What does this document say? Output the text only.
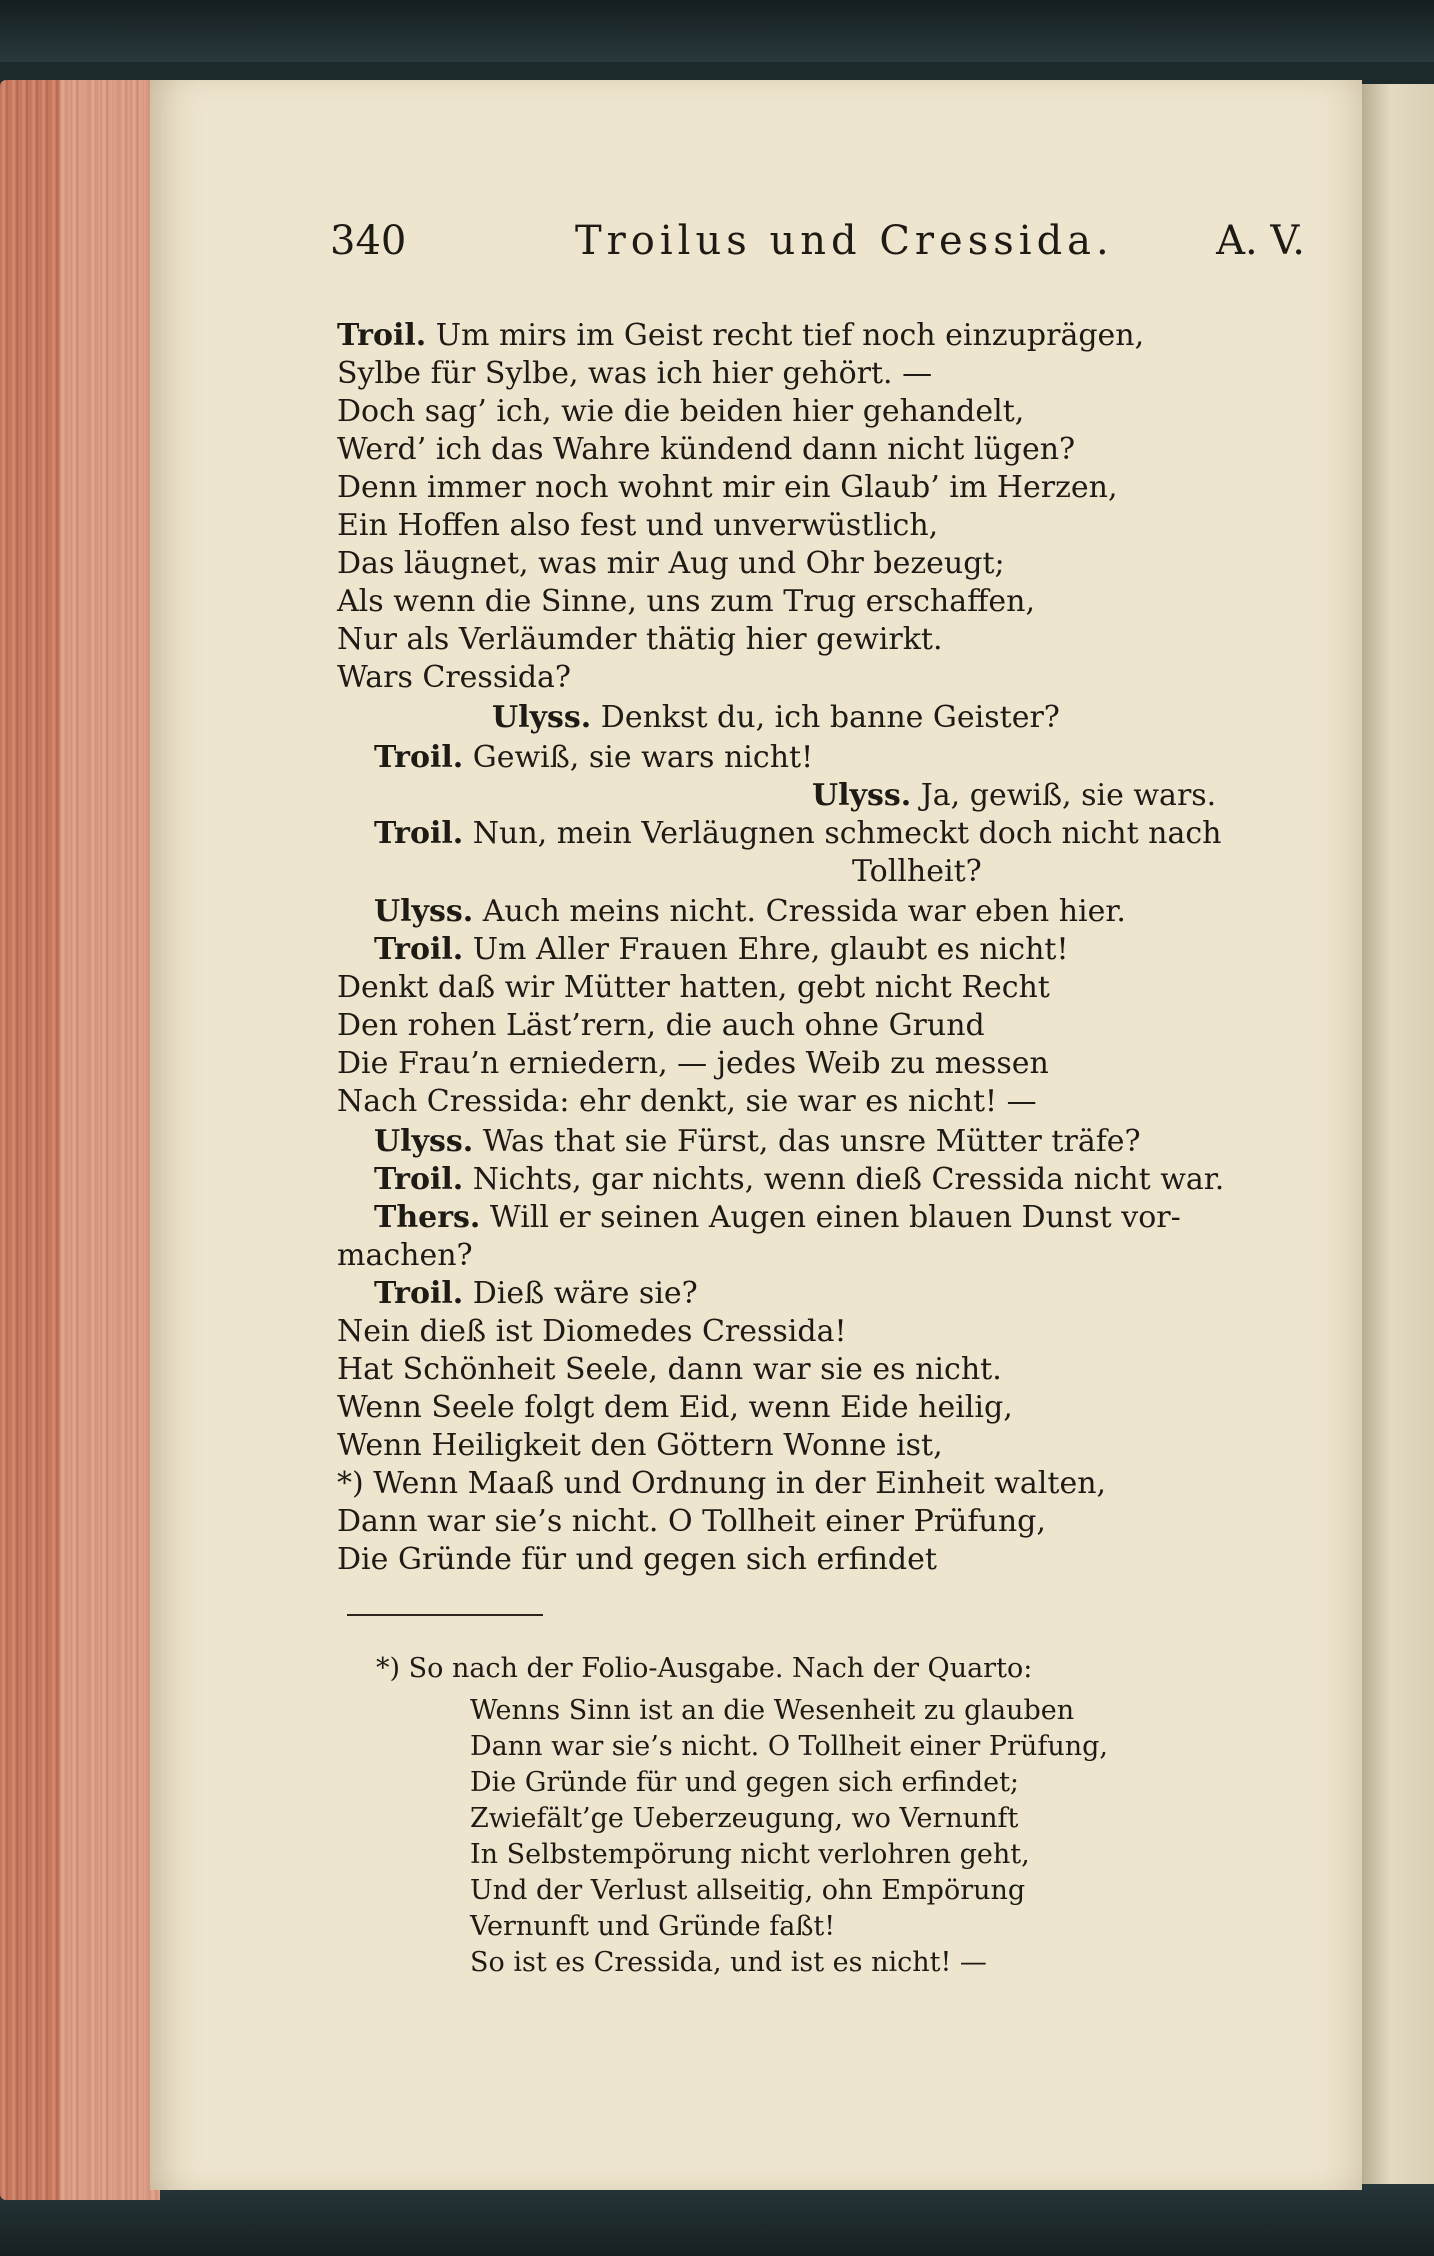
340	Troilus und Cressida.	A. V.
Troil. Um mirs im Geist recht tief noch einzuprägen,
Sylbe für Sylbe, was ich hier gehört. —
Doch sag’ ich, wie die beiden hier gehandelt,
Werd’ ich das Wahre kündend dann nicht lügen?
Denn immer noch wohnt mir ein Glaub’ im Herzen,
Ein Hoffen also fest und unverwüstlich,
Das läugnet, was mir Aug und Ohr bezeugt;
Als wenn die Sinne, uns zum Trug erschaffen,
Nur als Verläumder thätig hier gewirkt.
Wars Cressida?
Ulyss. Denkst du, ich banne Geister?
Troil. Gewiß, sie wars nicht!
Ulyss. Ja, gewiß, sie wars.
Troil. Nun, mein Verläugnen schmeckt doch nicht nach
Tollheit?
Ulyss. Auch meins nicht. Cressida war eben hier.
Troil. Um Aller Frauen Ehre, glaubt es nicht!
Denkt daß wir Mütter hatten, gebt nicht Recht
Den rohen Läst’rern, die auch ohne Grund
Die Frau’n erniedern, — jedes Weib zu messen
Nach Cressida: ehr denkt, sie war es nicht! —
Ulyss. Was that sie Fürst, das unsre Mütter träfe?
Troil. Nichts, gar nichts, wenn dieß Cressida nicht war.
Thers. Will er seinen Augen einen blauen Dunst vor-
machen?
Troil. Dieß wäre sie?
Nein dieß ist Diomedes Cressida!
Hat Schönheit Seele, dann war sie es nicht.
Wenn Seele folgt dem Eid, wenn Eide heilig,
Wenn Heiligkeit den Göttern Wonne ist,
*) Wenn Maaß und Ordnung in der Einheit walten,
Dann war sie’s nicht. O Tollheit einer Prüfung,
Die Gründe für und gegen sich erfindet
*) So nach der Folio-Ausgabe. Nach der Quarto:
Wenns Sinn ist an die Wesenheit zu glauben
Dann war sie’s nicht. O Tollheit einer Prüfung,
Die Gründe für und gegen sich erfindet;
Zwiefält’ge Ueberzeugung, wo Vernunft
In Selbstempörung nicht verlohren geht,
Und der Verlust allseitig, ohn Empörung
Vernunft und Gründe faßt!
So ist es Cressida, und ist es nicht! —
